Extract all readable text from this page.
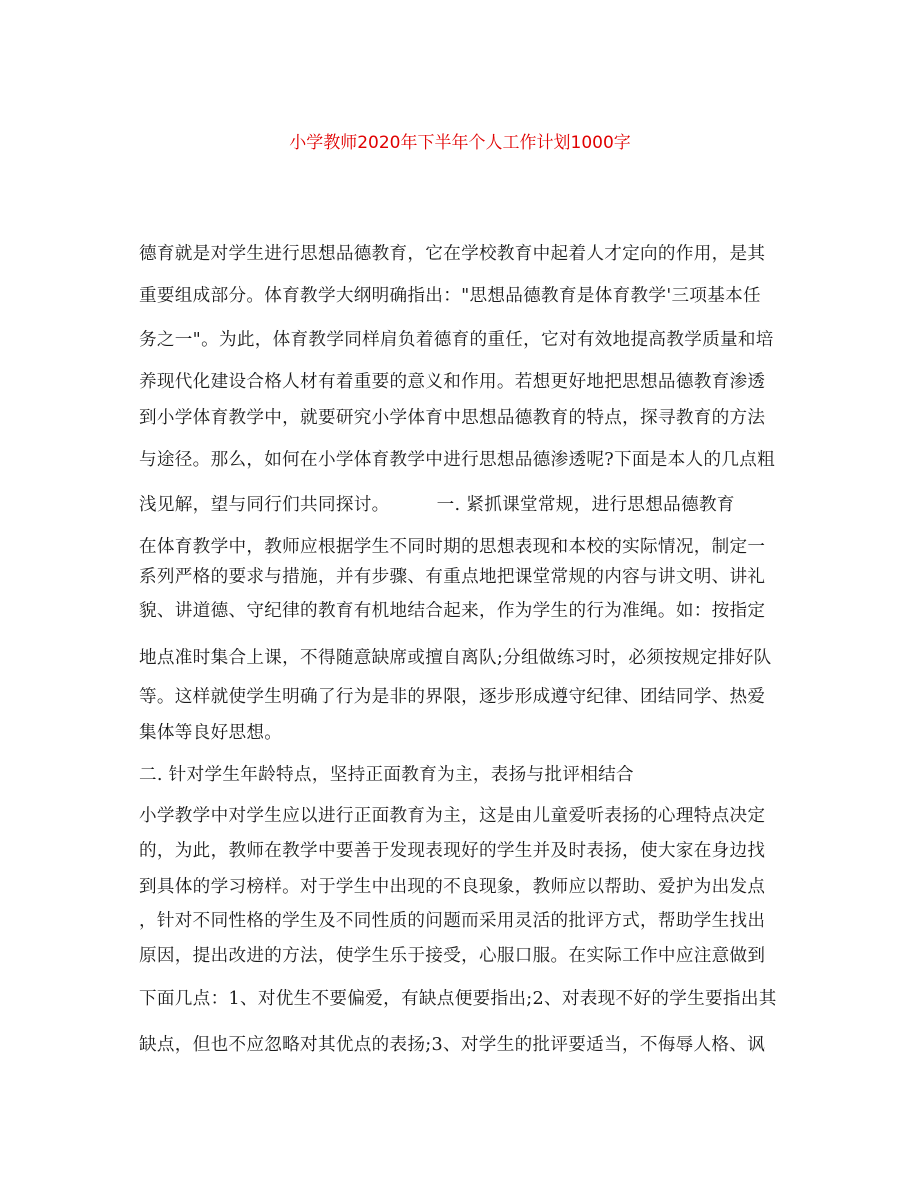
小学教师2020年下半年个人工作计划1000字
德育就是对学生进行思想品德教育，它在学校教育中起着人才定向的作用，是其
重要组成部分。体育教学大纲明确指出："思想品德教育是体育教学'三项基本任
务之一"。为此，体育教学同样肩负着德育的重任，它对有效地提高教学质量和培
养现代化建设合格人材有着重要的意义和作用。若想更好地把思想品德教育渗透
到小学体育教学中，就要研究小学体育中思想品德教育的特点，探寻教育的方法
与途径。那么，如何在小学体育教学中进行思想品德渗透呢?下面是本人的几点粗
浅见解，望与同行们共同探讨。        一. 紧抓课堂常规，进行思想品德教育
在体育教学中，教师应根据学生不同时期的思想表现和本校的实际情况，制定一
系列严格的要求与措施，并有步骤、有重点地把课堂常规的内容与讲文明、讲礼
貌、讲道德、守纪律的教育有机地结合起来，作为学生的行为准绳。如：按指定
地点准时集合上课，不得随意缺席或擅自离队;分组做练习时，必须按规定排好队
等。这样就使学生明确了行为是非的界限，逐步形成遵守纪律、团结同学、热爱
集体等良好思想。
二. 针对学生年龄特点，坚持正面教育为主，表扬与批评相结合
小学教学中对学生应以进行正面教育为主，这是由儿童爱听表扬的心理特点决定
的，为此，教师在教学中要善于发现表现好的学生并及时表扬，使大家在身边找
到具体的学习榜样。对于学生中出现的不良现象，教师应以帮助、爱护为出发点
，针对不同性格的学生及不同性质的问题而采用灵活的批评方式，帮助学生找出
原因，提出改进的方法，使学生乐于接受，心服口服。在实际工作中应注意做到
下面几点：1、对优生不要偏爱，有缺点便要指出;2、对表现不好的学生要指出其
缺点，但也不应忽略对其优点的表扬;3、对学生的批评要适当，不侮辱人格、讽
